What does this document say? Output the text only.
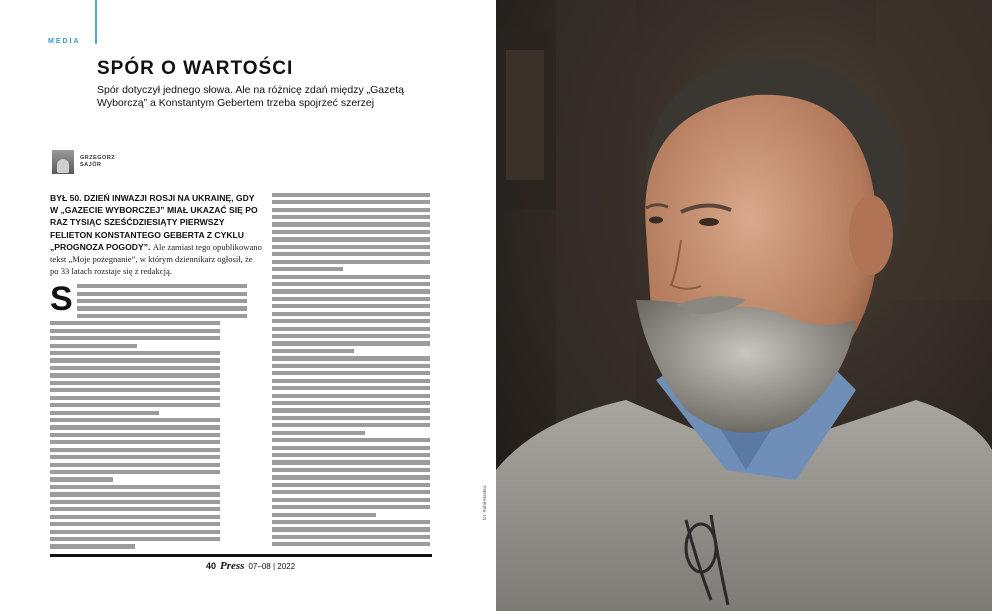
MEDIA
SPÓR O WARTOŚCI

Spór dotyczył jednego słowa. Ale na różnicę zdań między „Gazetą Wyborczą” a Konstantym Gebertem trzeba spojrzeć szerzej

GRZEGORZ
SAJÓR

BYŁ 50. DZIEŃ INWAZJI ROSJI NA UKRAINĘ, GDY W „GAZECIE WYBORCZEJ” MIAŁ UKAZAĆ SIĘ PO RAZ TYSIĄC SZEŚĆDZIESIĄTY PIERWSZY FELIETON KONSTANTEGO GEBERTA Z CYKLU „PROGNOZA POGODY”. Ale zamiast tego opublikowano tekst „Moje pożegnanie”, w którym dziennikarz ogłosił, że po 33 latach rozstaje się z redakcją.

S
40 Press 07–08 | 2022
fot. Rafał Masłow
